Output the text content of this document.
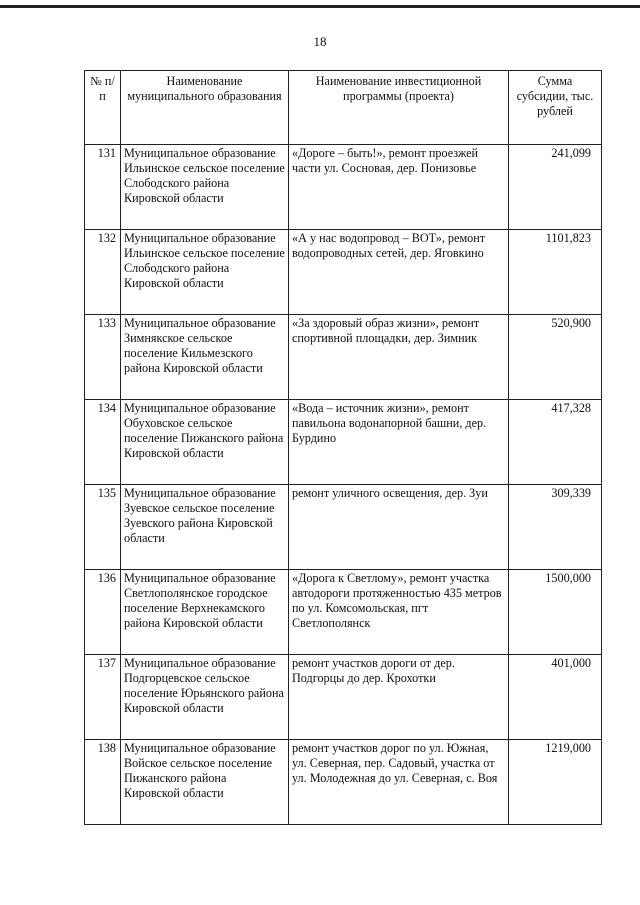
18
№ п/п	Наименование муниципального образования	Наименование инвестиционной программы (проекта)	Сумма субсидии, тыс. рублей
131	Муниципальное образование Ильинское сельское поселение Слободского района Кировской области	«Дороге – быть!», ремонт проезжей части ул. Сосновая, дер. Понизовье	241,099
132	Муниципальное образование Ильинское сельское поселение Слободского района Кировской области	«А у нас водопровод – ВОТ», ремонт водопроводных сетей, дер. Яговкино	1101,823
133	Муниципальное образование Зимнякское сельское поселение Кильмезского района Кировской области	«За здоровый образ жизни», ремонт спортивной площадки, дер. Зимник	520,900
134	Муниципальное образование Обуховское сельское поселение Пижанского района Кировской области	«Вода – источник жизни», ремонт павильона водонапорной башни, дер. Бурдино	417,328
135	Муниципальное образование Зуевское сельское поселение Зуевского района Кировской области	ремонт уличного освещения, дер. Зуи	309,339
136	Муниципальное образование Светлополянское городское поселение Верхнекамского района Кировской области	«Дорога к Светлому», ремонт участка автодороги протяженностью 435 метров по ул. Комсомольская, пгт Светлополянск	1500,000
137	Муниципальное образование Подгорцевское сельское поселение Юрьянского района Кировской области	ремонт участков дороги от дер. Подгорцы до дер. Крохотки	401,000
138	Муниципальное образование Войское сельское поселение Пижанского района Кировской области	ремонт участков дорог по ул. Южная, ул. Северная, пер. Садовый, участка от ул. Молодежная до ул. Северная, с. Воя	1219,000
